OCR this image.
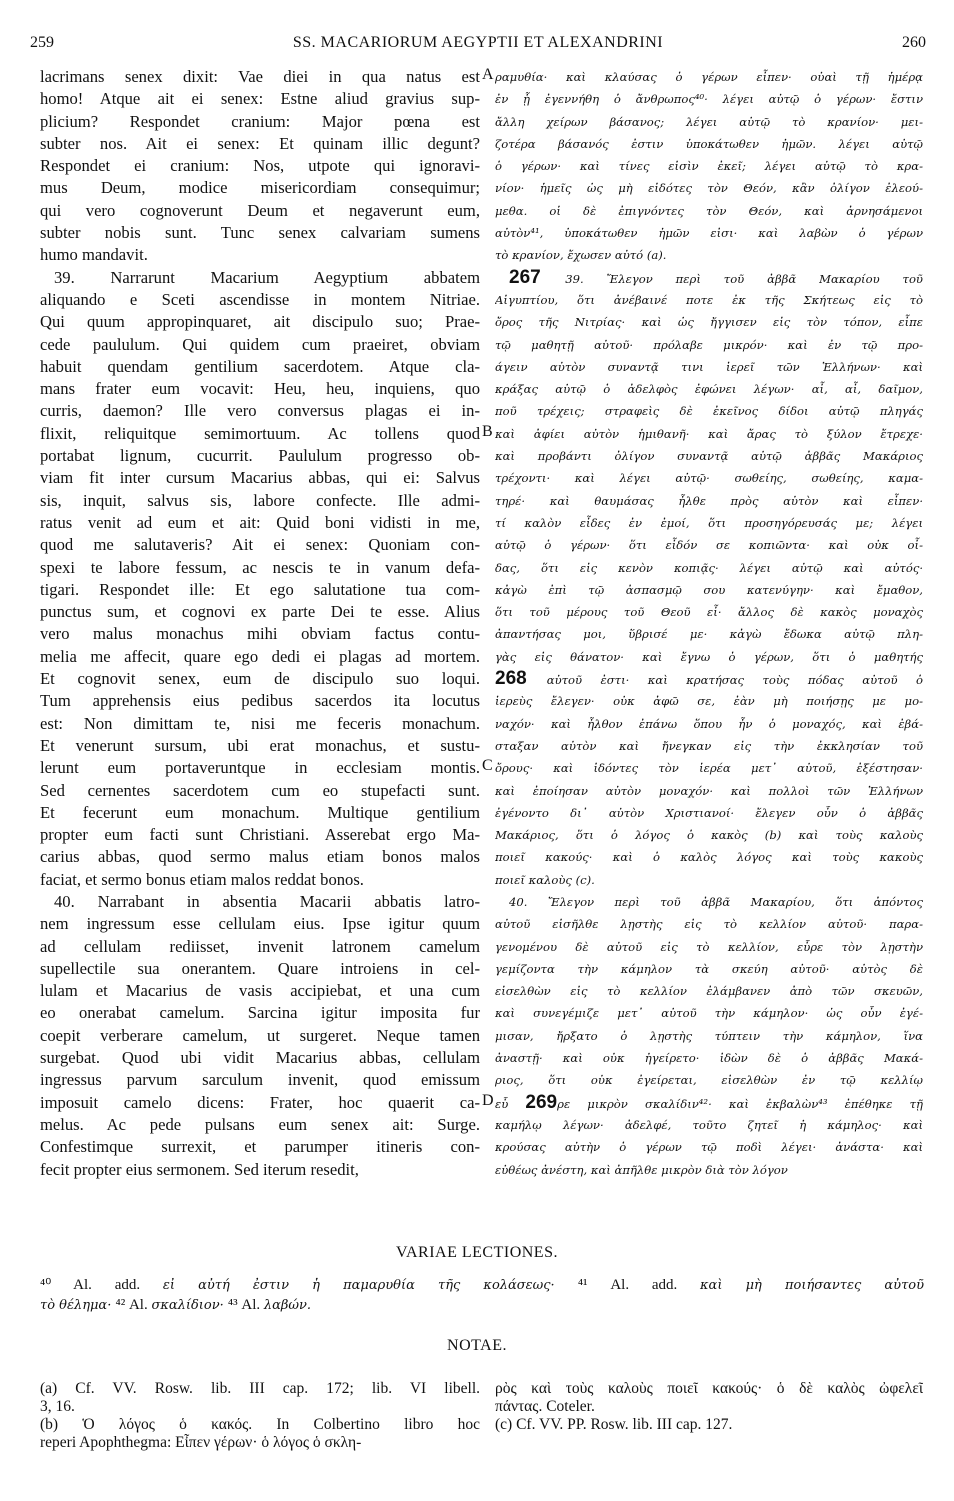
259	SS. MACARIORUM AEGYPTII ET ALEXANDRINI	260
lacrimans senex dixit: Vae diei in qua natus est
homo! Atque ait ei senex: Estne aliud gravius sup-
plicium? Respondet cranium: Major pœna est
subter nos. Ait ei senex: Et quinam illic degunt?
Respondet ei cranium: Nos, utpote qui ignoravi-
mus Deum, modice misericordiam consequimur;
qui vero cognoverunt Deum et negaverunt eum,
subter nobis sunt. Tunc senex calvariam sumens
humo mandavit.
39. Narrarunt Macarium Aegyptium abbatem
aliquando e Sceti ascendisse in montem Nitriae.
Qui quum appropinquaret, ait discipulo suo; Prae-
cede paululum. Qui quidem cum praeiret, obviam
habuit quendam gentilium sacerdotem. Atque cla-
mans frater eum vocavit: Heu, heu, inquiens, quo
curris, daemon? Ille vero conversus plagas ei in-
flixit, reliquitque semimortuum. Ac tollens quod
portabat lignum, cucurrit. Paululum progresso ob-
viam fit inter cursum Macarius abbas, qui ei: Salvus
sis, inquit, salvus sis, labore confecte. Ille admi-
ratus venit ad eum et ait: Quid boni vidisti in me,
quod me salutaveris? Ait ei senex: Quoniam con-
spexi te labore fessum, ac nescis te in vanum defa-
tigari. Respondet ille: Et ego salutatione tua com-
punctus sum, et cognovi ex parte Dei te esse. Alius
vero malus monachus mihi obviam factus contu-
melia me affecit, quare ego dedi ei plagas ad mortem.
Et cognovit senex, eum de discipulo suo loqui.
Tum apprehensis eius pedibus sacerdos ita locutus
est: Non dimittam te, nisi me feceris monachum.
Et venerunt sursum, ubi erat monachus, et sustu-
lerunt eum portaveruntque in ecclesiam montis.
Sed cernentes sacerdotem cum eo stupefacti sunt.
Et fecerunt eum monachum. Multique gentilium
propter eum facti sunt Christiani. Asserebat ergo Ma-
carius abbas, quod sermo malus etiam bonos malos
faciat, et sermo bonus etiam malos reddat bonos.
40. Narrabant in absentia Macarii abbatis latro-
nem ingressum esse cellulam eius. Ipse igitur quum
ad cellulam rediisset, invenit latronem camelum
supellectile sua onerantem. Quare introiens in cel-
lulam et Macarius de vasis accipiebat, et una cum
eo onerabat camelum. Sarcina igitur imposita fur
coepit verberare camelum, ut surgeret. Neque tamen
surgebat. Quod ubi vidit Macarius abbas, cellulam
ingressus parvum sarculum invenit, quod emissum
imposuit camelo dicens: Frater, hoc quaerit ca-
melus. Ac pede pulsans eum senex ait: Surge.
Confestimque surrexit, et parumper itineris con-
fecit propter eius sermonem. Sed iterum resedit,
ραμυθία· καὶ κλαύσας ὁ γέρων εἶπεν· οὐαὶ τῇ ἡμέρᾳ
ἐν ᾗ ἐγεννήθη ὁ ἄνθρωπος⁴⁰· λέγει αὐτῷ ὁ γέρων· ἔστιν
ἄλλη χείρων βάσανος; λέγει αὐτῷ τὸ κρανίον· μει-
ζοτέρα βάσανός ἐστιν ὑποκάτωθεν ἡμῶν. λέγει αὐτῷ
ὁ γέρων· καὶ τίνες εἰσὶν ἐκεῖ; λέγει αὐτῷ τὸ κρα-
νίον· ἡμεῖς ὡς μὴ εἰδότες τὸν Θεόν, κἂν ὀλίγον ἐλεού-
μεθα. οἱ δὲ ἐπιγνόντες τὸν Θεόν, καὶ ἀρνησάμενοι
αὐτὸν⁴¹, ὑποκάτωθεν ἡμῶν εἰσι· καὶ λαβὼν ὁ γέρων
τὸ κρανίον, ἔχωσεν αὐτό (a).
267 39. Ἔλεγον περὶ τοῦ ἀββᾶ Μακαρίου τοῦ
Αἰγυπτίου, ὅτι ἀνέβαινέ ποτε ἐκ τῆς Σκήτεως εἰς τὸ
ὄρος τῆς Νιτρίας· καὶ ὡς ἤγγισεν εἰς τὸν τόπον, εἶπε
τῷ μαθητῇ αὐτοῦ· πρόλαβε μικρόν· καὶ ἐν τῷ προ-
άγειν αὐτὸν συναντᾷ τινι ἱερεῖ τῶν Ἑλλήνων· καὶ
κράξας αὐτῷ ὁ ἀδελφὸς ἐφώνει λέγων· αἶ, αἶ, δαῖμον,
ποῦ τρέχεις; στραφεὶς δὲ ἐκεῖνος δίδοι αὐτῷ πληγάς
καὶ ἀφίει αὐτὸν ἡμιθανῆ· καὶ ἄρας τὸ ξύλον ἔτρεχε·
καὶ προβάντι ὀλίγον συναντᾷ αὐτῷ ἀββᾶς Μακάριος
τρέχοντι· καὶ λέγει αὐτῷ· σωθείης, σωθείης, καμα-
τηρέ· καὶ θαυμάσας ἦλθε πρὸς αὐτὸν καὶ εἶπεν·
τί καλὸν εἶδες ἐν ἐμοί, ὅτι προσηγόρευσάς με; λέγει
αὐτῷ ὁ γέρων· ὅτι εἶδόν σε κοπιῶντα· καὶ οὐκ οἶ-
δας, ὅτι εἰς κενὸν κοπιᾷς· λέγει αὐτῷ καὶ αὐτός·
κἀγὼ ἐπὶ τῷ ἀσπασμῷ σου κατενύγην· καὶ ἔμαθον,
ὅτι τοῦ μέρους τοῦ Θεοῦ εἶ· ἄλλος δὲ κακὸς μοναχὸς
ἀπαντήσας μοι, ὕβρισέ με· κἀγὼ ἔδωκα αὐτῷ πλη-
γὰς εἰς θάνατον· καὶ ἔγνω ὁ γέρων, ὅτι ὁ μαθητής
268 αὐτοῦ ἐστι· καὶ κρατήσας τοὺς πόδας αὐτοῦ ὁ
ἱερεὺς ἔλεγεν· οὐκ ἀφῶ σε, ἐὰν μὴ ποιήσῃς με μο-
ναχόν· καὶ ἦλθον ἐπάνω ὅπου ἦν ὁ μοναχός, καὶ ἐβά-
σταξαν αὐτὸν καὶ ἤνεγκαν εἰς τὴν ἐκκλησίαν τοῦ
ὄρους· καὶ ἰδόντες τὸν ἱερέα μετ᾽ αὐτοῦ, ἐξέστησαν·
καὶ ἐποίησαν αὐτὸν μοναχόν· καὶ πολλοὶ τῶν Ἑλλήνων
ἐγένοντο δι᾽ αὐτὸν Χριστιανοί· ἔλεγεν οὖν ὁ ἀββᾶς
Μακάριος, ὅτι ὁ λόγος ὁ κακὸς (b) καὶ τοὺς καλοὺς
ποιεῖ κακούς· καὶ ὁ καλὸς λόγος καὶ τοὺς κακοὺς
ποιεῖ καλοὺς (c).
40. Ἔλεγον περὶ τοῦ ἀββᾶ Μακαρίου, ὅτι ἀπόντος
αὐτοῦ εἰσῆλθε λῃστὴς εἰς τὸ κελλίον αὐτοῦ· παρα-
γενομένου δὲ αὐτοῦ εἰς τὸ κελλίον, εὗρε τὸν λῃστὴν
γεμίζοντα τὴν κάμηλον τὰ σκεύη αὐτοῦ· αὐτὸς δὲ
εἰσελθὼν εἰς τὸ κελλίον ἐλάμβανεν ἀπὸ τῶν σκευῶν,
καὶ συνεγέμιζε μετ᾽ αὐτοῦ τὴν κάμηλον· ὡς οὖν ἐγέ-
μισαν, ἤρξατο ὁ λῃστὴς τύπτειν τὴν κάμηλον, ἵνα
ἀναστῇ· καὶ οὐκ ἠγείρετο· ἰδὼν δὲ ὁ ἀββᾶς Μακά-
ριος, ὅτι οὐκ ἐγείρεται, εἰσελθὼν ἐν τῷ κελλίῳ
εὗ 269ρε μικρὸν σκαλίδιν⁴²· καὶ ἐκβαλὼν⁴³ ἐπέθηκε τῇ
καμήλῳ λέγων· ἀδελφέ, τοῦτο ζητεῖ ἡ κάμηλος· καὶ
κρούσας αὐτὴν ὁ γέρων τῷ ποδὶ λέγει· ἀνάστα· καὶ
εὐθέως ἀνέστη, καὶ ἀπῆλθε μικρὸν διὰ τὸν λόγον
A
B
C
D
VARIAE LECTIONES.
⁴⁰ Al. add. εἰ αὐτή ἐστιν ἡ παμαρυθία τῆς κολάσεως· ⁴¹ Al. add. καὶ μὴ ποιήσαντες αὐτοῦ
τὸ θέλημα· ⁴² Al. σκαλίδιον· ⁴³ Al. λαβών.
NOTAE.
(a) Cf. VV. Rosw. lib. III cap. 172; lib. VI libell.
3, 16.
(b) Ὁ λόγος ὁ κακός. In Colbertino libro hoc
reperi Apophthegma: Εἶπεν γέρων· ὁ λόγος ὁ σκλη-
ρὸς καὶ τοὺς καλοὺς ποιεῖ κακούς· ὁ δὲ καλὸς ὠφελεῖ
πάντας. Coteler.
(c) Cf. VV. PP. Rosw. lib. III cap. 127.
